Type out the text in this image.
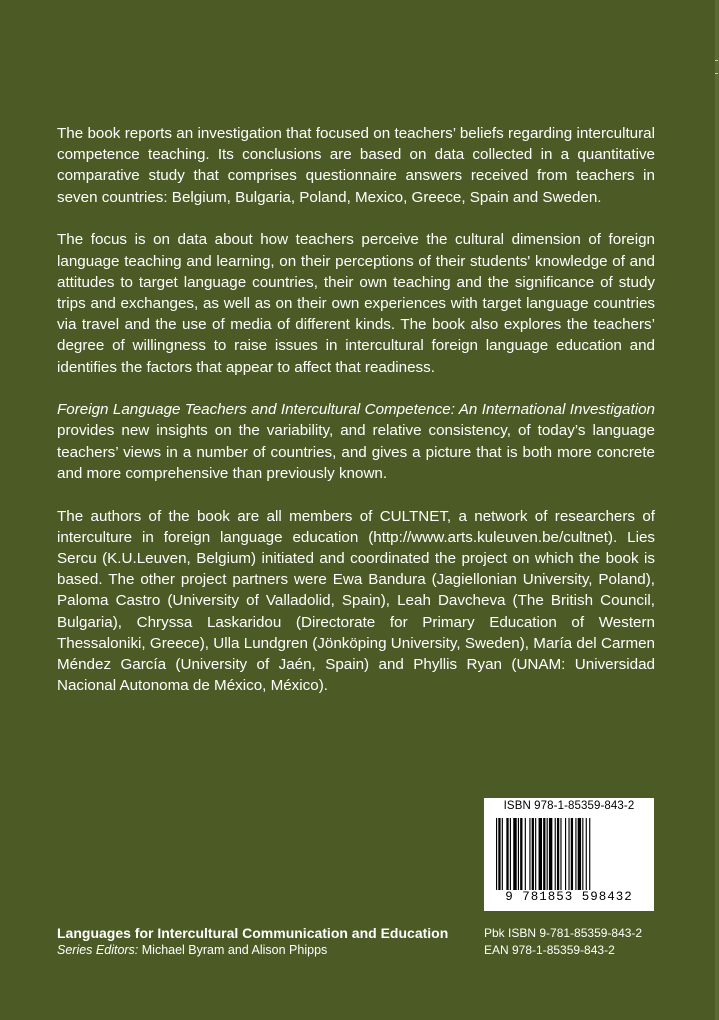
The book reports an investigation that focused on teachers’ beliefs regarding intercultural competence teaching. Its conclusions are based on data collected in a quantitative comparative study that comprises questionnaire answers received from teachers in seven countries: Belgium, Bulgaria, Poland, Mexico, Greece, Spain and Sweden.

The focus is on data about how teachers perceive the cultural dimension of foreign language teaching and learning, on their perceptions of their students' knowledge of and attitudes to target language countries, their own teaching and the significance of study trips and exchanges, as well as on their own experiences with target language countries via travel and the use of media of different kinds. The book also explores the teachers’ degree of willingness to raise issues in intercultural foreign language education and identifies the factors that appear to affect that readiness.

Foreign Language Teachers and Intercultural Competence: An International Investigation provides new insights on the variability, and relative consistency, of today’s language teachers’ views in a number of countries, and gives a picture that is both more concrete and more comprehensive than previously known.

The authors of the book are all members of CULTNET, a network of researchers of interculture in foreign language education (http://www.arts.kuleuven.be/cultnet). Lies Sercu (K.U.Leuven, Belgium) initiated and coordinated the project on which the book is based. The other project partners were Ewa Bandura (Jagiellonian University, Poland), Paloma Castro (University of Valladolid, Spain), Leah Davcheva (The British Council, Bulgaria), Chryssa Laskaridou (Directorate for Primary Education of Western Thessaloniki, Greece), Ulla Lundgren (Jönköping University, Sweden), María del Carmen Méndez García (University of Jaén, Spain) and Phyllis Ryan (UNAM: Universidad Nacional Autonoma de México, México).

ISBN 978-1-85359-843-2
9 781853 598432
Languages for Intercultural Communication and Education
Series Editors: Michael Byram and Alison Phipps
Pbk ISBN 9-781-85359-843-2
EAN 978-1-85359-843-2
